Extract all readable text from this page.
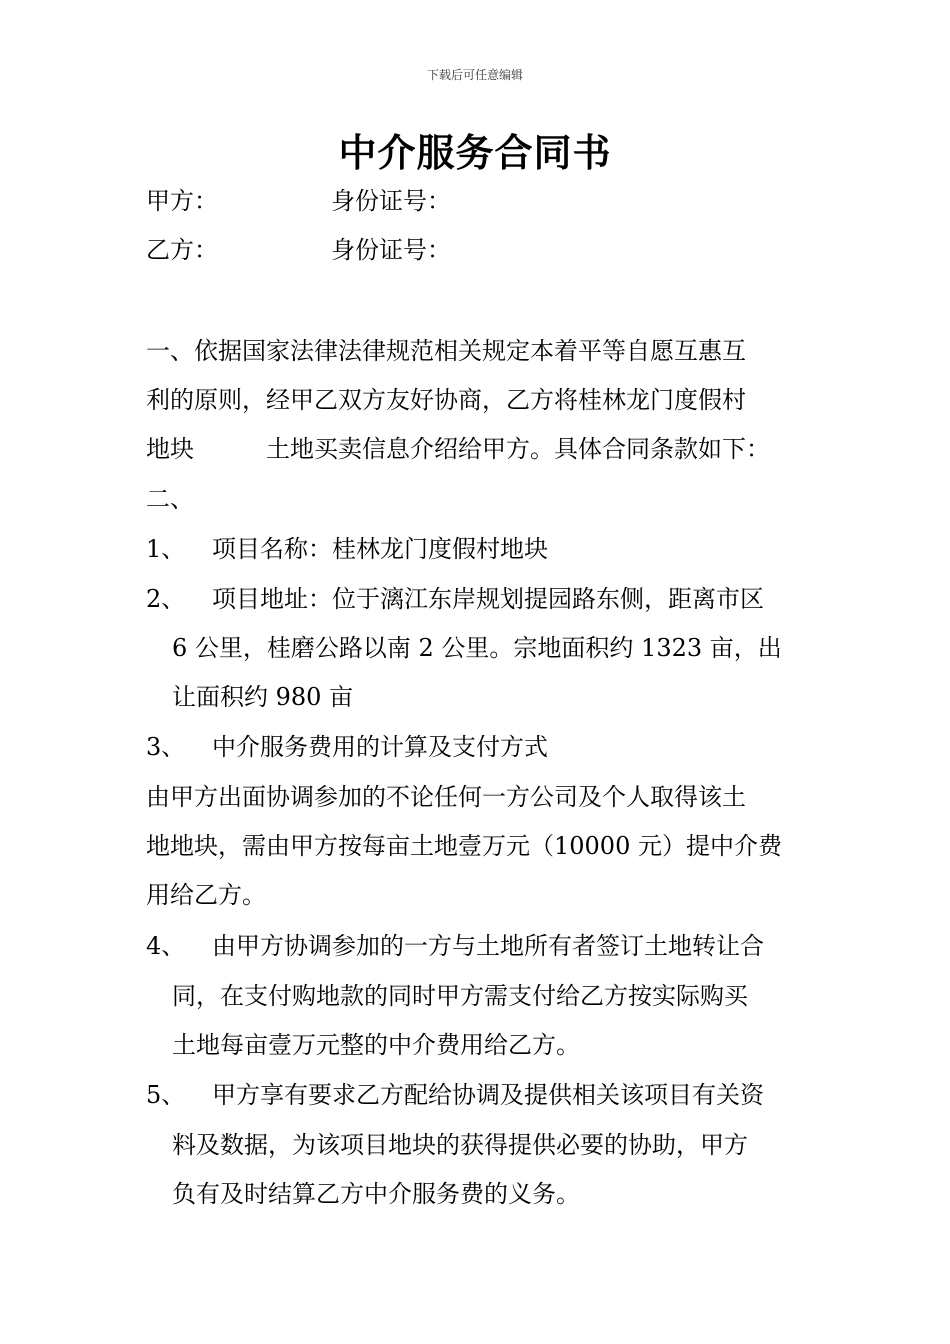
下载后可任意编辑
中介服务合同书
甲方：	身份证号：
乙方：	身份证号：
一、依据国家法律法律规范相关规定本着平等自愿互惠互
利的原则，经甲乙双方友好协商，乙方将桂林龙门度假村
地块	土地买卖信息介绍给甲方。具体合同条款如下：
二、
1、 项目名称：桂林龙门度假村地块
2、 项目地址：位于漓江东岸规划提园路东侧，距离市区
6 公里，桂磨公路以南 2 公里。宗地面积约 1323 亩，出
让面积约 980 亩
3、 中介服务费用的计算及支付方式
由甲方出面协调参加的不论任何一方公司及个人取得该土
地地块，需由甲方按每亩土地壹万元（10000 元）提中介费
用给乙方。
4、 由甲方协调参加的一方与土地所有者签订土地转让合
同，在支付购地款的同时甲方需支付给乙方按实际购买
土地每亩壹万元整的中介费用给乙方。
5、 甲方享有要求乙方配给协调及提供相关该项目有关资
料及数据，为该项目地块的获得提供必要的协助，甲方
负有及时结算乙方中介服务费的义务。
